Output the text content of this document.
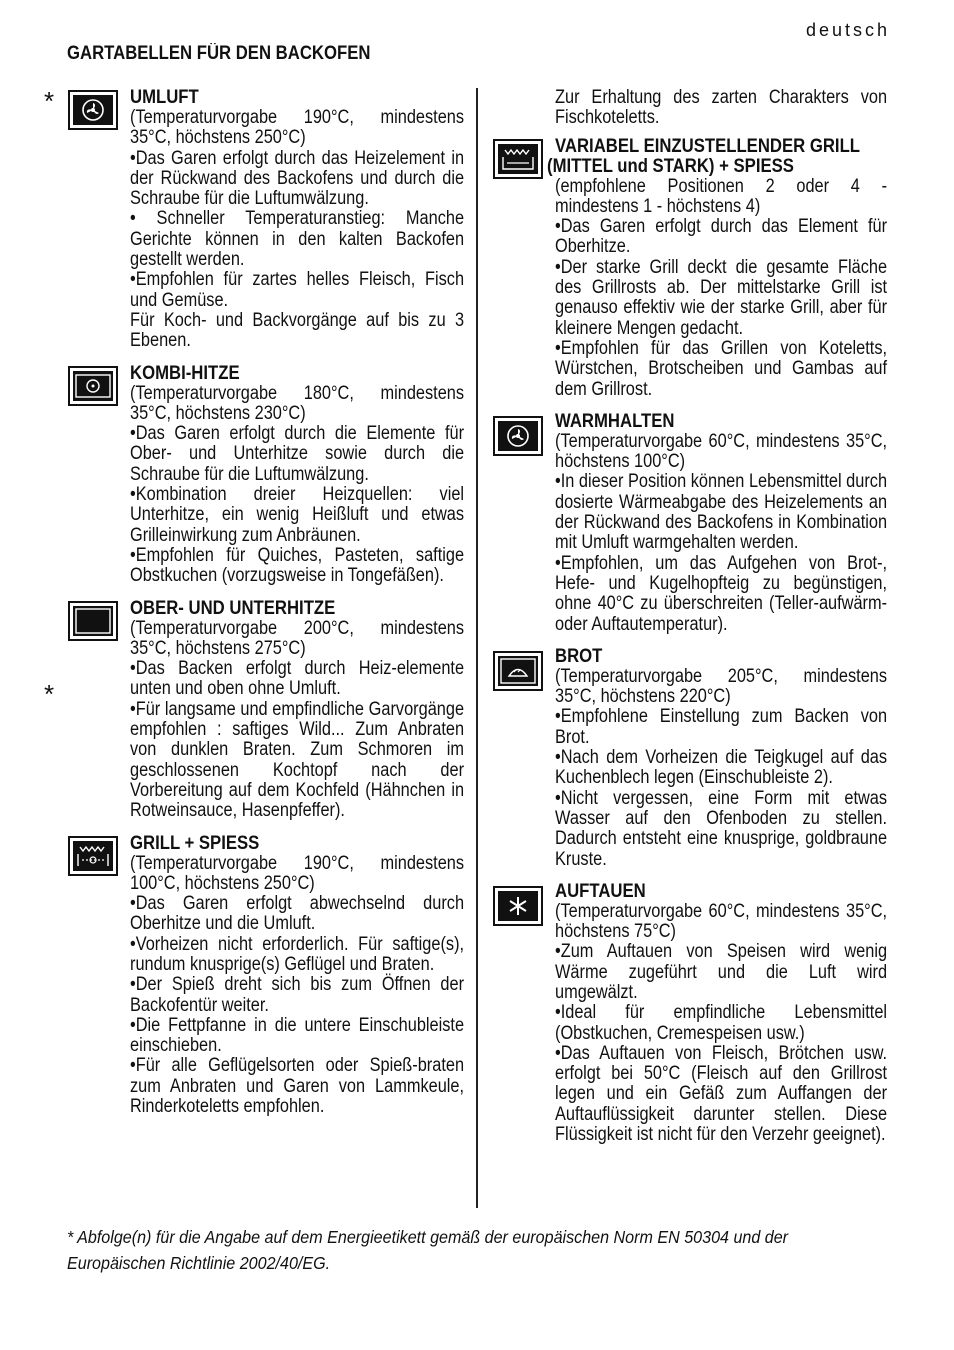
deutsch
GARTABELLEN FÜR DEN BACKOFEN
*
*
UMLUFT

(Temperaturvorgabe 190°C, mindestens 35°C, höchstens 250°C)

•Das Garen erfolgt durch das Heizelement in der Rückwand des Backofens und durch die Schraube für die Luftumwälzung.

• Schneller Temperaturanstieg: Manche Gerichte können in den kalten Backofen gestellt werden.

•Empfohlen für zartes helles Fleisch, Fisch und Gemüse.

Für Koch- und Backvorgänge auf bis zu 3 Ebenen.

KOMBI-HITZE

(Temperaturvorgabe 180°C, mindestens 35°C, höchstens 230°C)

•Das Garen erfolgt durch die Elemente für Ober- und Unterhitze sowie durch die Schraube für die Luftumwälzung.

•Kombination dreier Heizquellen: viel Unterhitze, ein wenig Heißluft und etwas Grilleinwirkung zum Anbräunen.

•Empfohlen für Quiches, Pasteten, saftige Obstkuchen (vorzugsweise in Tongefäßen).

OBER- UND UNTERHITZE

(Temperaturvorgabe 200°C, mindestens 35°C, höchstens 275°C)

•Das Backen erfolgt durch Heiz-elemente unten und oben ohne Umluft.

•Für langsame und empfindliche Garvorgänge empfohlen : saftiges Wild... Zum Anbraten von dunklen Braten. Zum Schmoren im geschlossenen Kochtopf nach der Vorbereitung auf dem Kochfeld (Hähnchen in Rotweinsauce, Hasenpfeffer).

GRILL + SPIESS

(Temperaturvorgabe 190°C, mindestens 100°C, höchstens 250°C)

•Das Garen erfolgt abwechselnd durch Oberhitze und die Umluft.

•Vorheizen nicht erforderlich. Für saftige(s), rundum knusprige(s) Geflügel und Braten.

•Der Spieß dreht sich bis zum Öffnen der Backofentür weiter.

•Die Fettpfanne in die untere Einschubleiste einschieben.

•Für alle Geflügelsorten oder Spieß-braten zum Anbraten und Garen von Lammkeule, Rinderkoteletts empfohlen.

Zur Erhaltung des zarten Charakters von Fischkoteletts.

VARIABEL EINZUSTELLENDER GRILL
(MITTEL und STARK) + SPIESS

(empfohlene Positionen 2 oder 4 - mindestens 1 - höchstens 4)

•Das Garen erfolgt durch das Element für Oberhitze.

•Der starke Grill deckt die gesamte Fläche des Grillrosts ab. Der mittelstarke Grill ist genauso effektiv wie der starke Grill, aber für kleinere Mengen gedacht.

•Empfohlen für das Grillen von Koteletts, Würstchen, Brotscheiben und Gambas auf dem Grillrost.

WARMHALTEN

(Temperaturvorgabe 60°C, mindestens 35°C, höchstens 100°C)

•In dieser Position können Lebensmittel durch dosierte Wärmeabgabe des Heizelements an der Rückwand des Backofens in Kombination mit Umluft warmgehalten werden.

•Empfohlen, um das Aufgehen von Brot-, Hefe- und Kugelhopfteig zu begünstigen, ohne 40°C zu überschreiten (Teller-aufwärm- oder Auftautemperatur).

BROT

(Temperaturvorgabe 205°C, mindestens 35°C, höchstens 220°C)

•Empfohlene Einstellung zum Backen von Brot.

•Nach dem Vorheizen die Teigkugel auf das Kuchenblech legen (Einschubleiste 2).

•Nicht vergessen, eine Form mit etwas Wasser auf den Ofenboden zu stellen. Dadurch entsteht eine knusprige, goldbraune Kruste.

AUFTAUEN

(Temperaturvorgabe 60°C, mindestens 35°C, höchstens 75°C)

•Zum Auftauen von Speisen wird wenig Wärme zugeführt und die Luft wird umgewälzt.

•Ideal für empfindliche Lebensmittel (Obstkuchen, Cremespeisen usw.)

•Das Auftauen von Fleisch, Brötchen usw. erfolgt bei 50°C (Fleisch auf den Grillrost legen und ein Gefäß zum Auffangen der Auftauflüssigkeit darunter stellen. Diese Flüssigkeit ist nicht für den Verzehr geeignet).

* Abfolge(n) für die Angabe auf dem Energieetikett gemäß der europäischen Norm EN 50304 und der Europäischen Richtlinie 2002/40/EG.
